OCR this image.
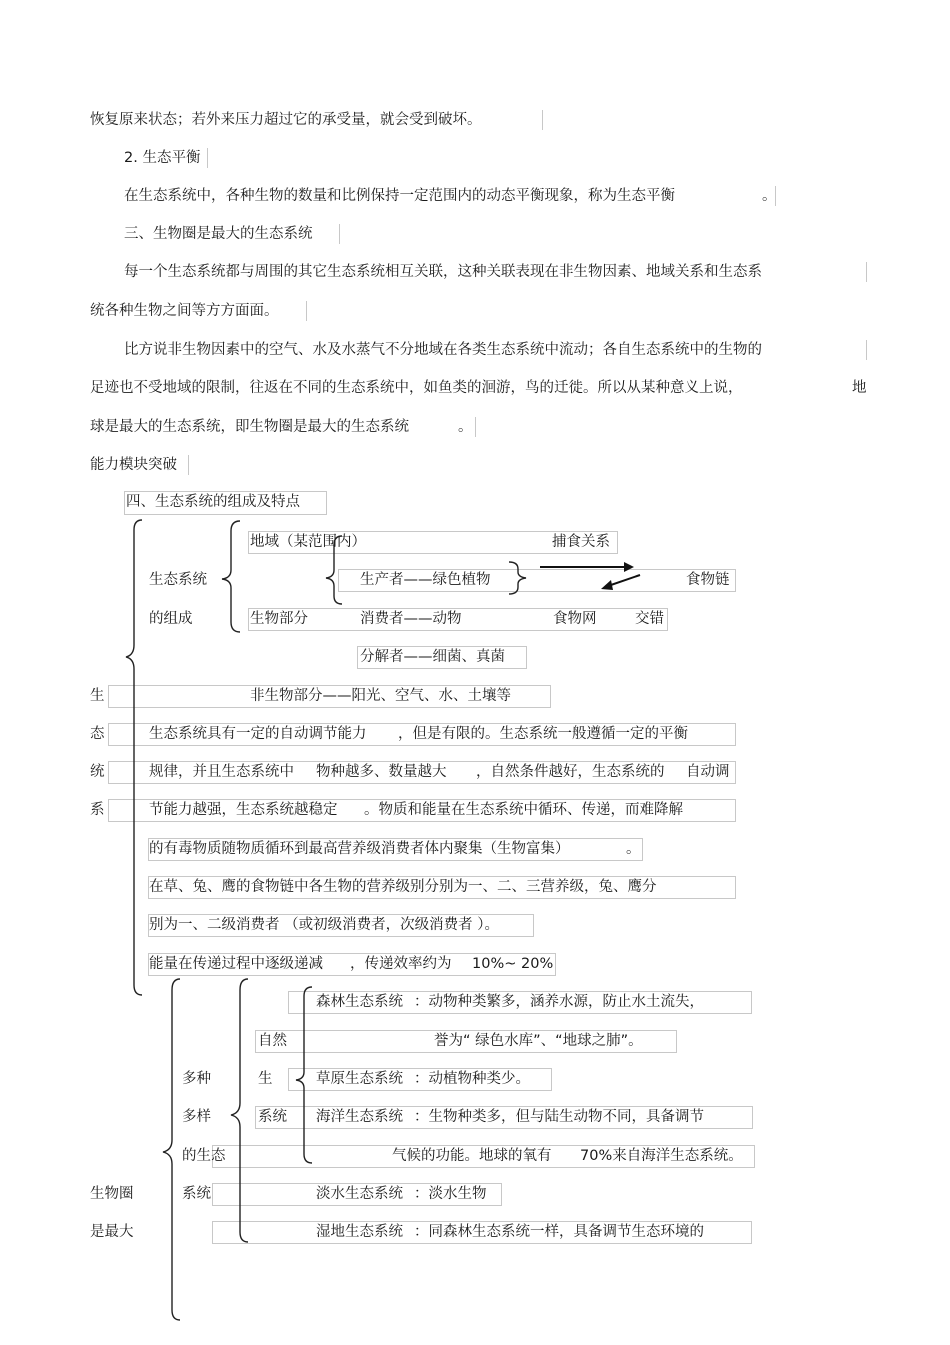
恢复原来状态；若外来压力超过它的承受量，就会受到破坏。
2. 生态平衡
在生态系统中，各种生物的数量和比例保持一定范围内的动态平衡现象，称为生态平衡	。
三、生物圈是最大的生态系统
每一个生态系统都与周围的其它生态系统相互关联，这种关联表现在非生物因素、地域关系和生态系
统各种生物之间等方方面面。
比方说非生物因素中的空气、水及水蒸气不分地域在各类生态系统中流动；各自生态系统中的生物的
足迹也不受地域的限制，往返在不同的生态系统中，如鱼类的洄游，鸟的迁徙。所以从某种意义上说，	地
球是最大的生态系统，即生物圈是最大的生态系统	。
能力模块突破
四、生态系统的组成及特点
地域（某范围内）	捕食关系
生态系统	生产者——绿色植物	食物链
的组成	生物部分	消费者——动物	食物网	交错
分解者——细菌、真菌
生	非生物部分——阳光、空气、水、土壤等
态	生态系统具有一定的自动调节能力 ，但是有限的。生态系统一般遵循一定的平衡
统	规律，并且生态系统中 物种越多、数量越大 ，自然条件越好，生态系统的 自动调
系	节能力越强，生态系统越稳定 。物质和能量在生态系统中循环、传递，而难降解
的有毒物质随物质循环到最高营养级消费者体内聚集（生物富集）	。
在草、兔、鹰的食物链中各生物的营养级别分别为一、二、三营养级，兔、鹰分
别为一、二级消费者 （或初级消费者，次级消费者 ）。
能量在传递过程中逐级递减 ，传递效率约为 10%~ 20%
森林生态系统 ：动物种类繁多，涵养水源，防止水土流失，
自然	誉为“ 绿色水库”、“地球之肺”。
多种	生	草原生态系统 ：动植物种类少。
多样	系统 海洋生态系统 ：生物种类多，但与陆生动物不同，具备调节
的生态	气候的功能。地球的氧有 70%来自海洋生态系统。
生物圈	系统	淡水生态系统 ：淡水生物
是最大	湿地生态系统 ：同森林生态系统一样，具备调节生态环境的
